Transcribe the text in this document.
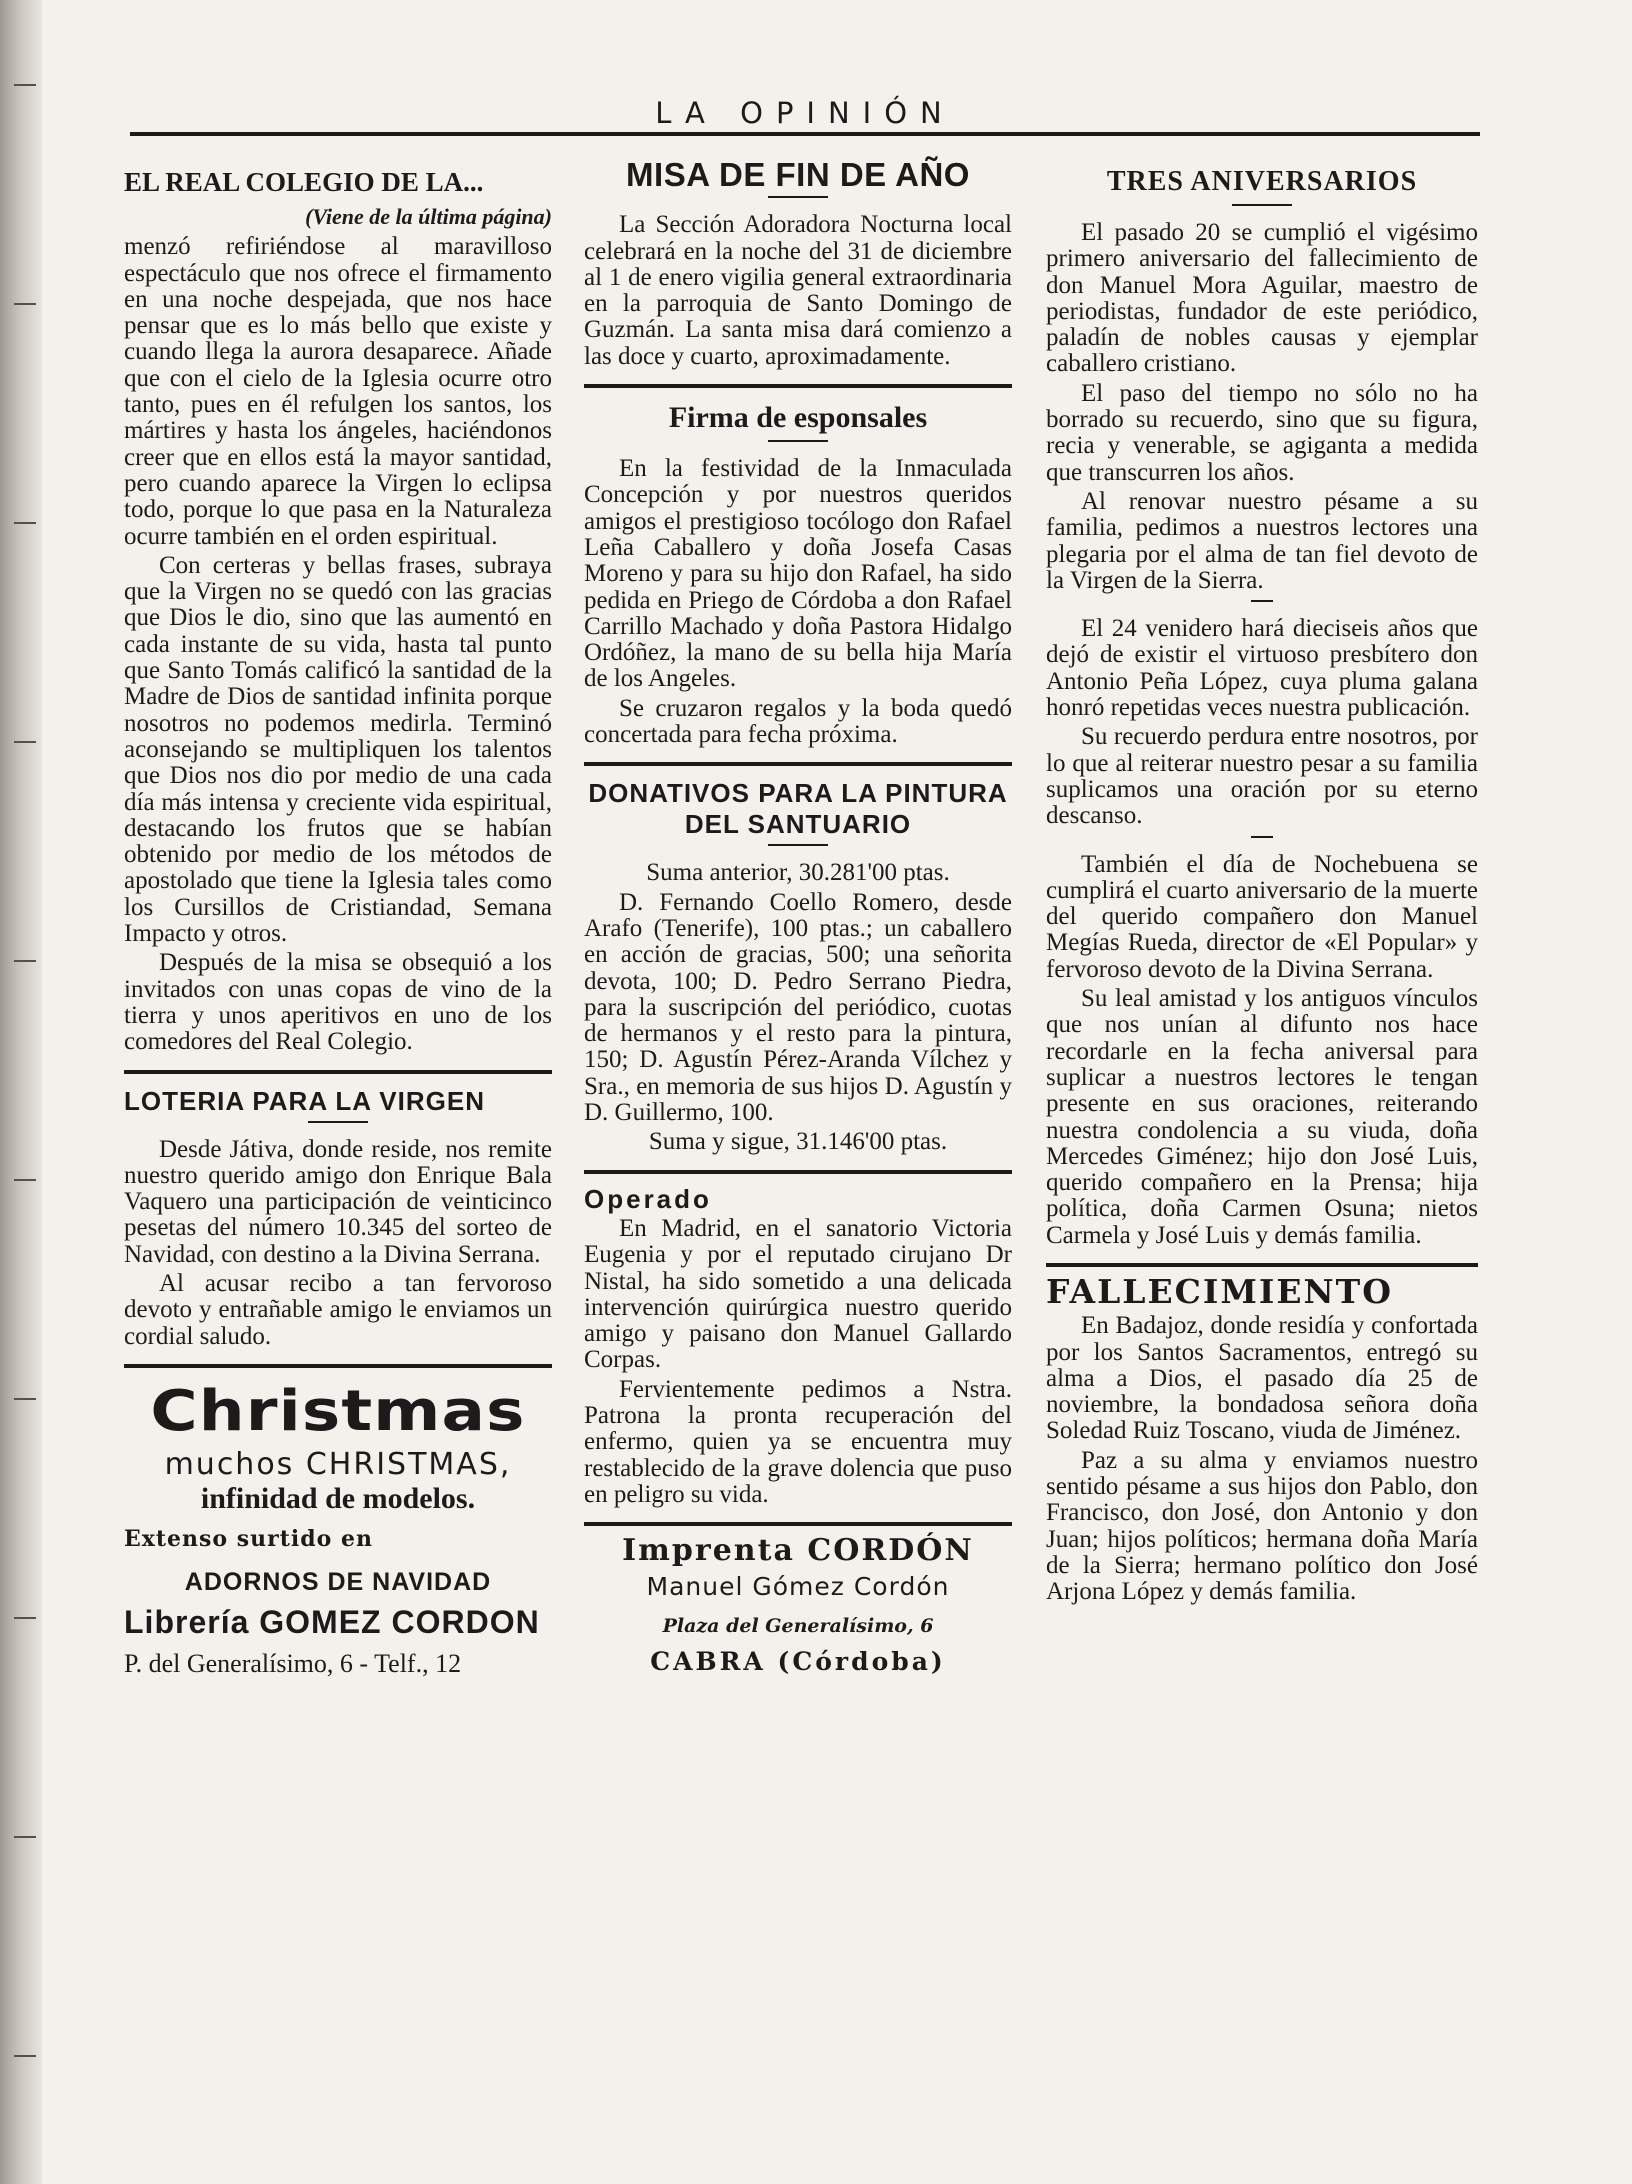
LA OPINIÓN
EL REAL COLEGIO DE LA...
(Viene de la última página)

menzó refiriéndose al maravilloso espectáculo que nos ofrece el firmamento en una noche despejada, que nos hace pensar que es lo más bello que existe y cuando llega la aurora desaparece. Añade que con el cielo de la Iglesia ocurre otro tanto, pues en él refulgen los santos, los mártires y hasta los ángeles, haciéndonos creer que en ellos está la mayor santidad, pero cuando aparece la Virgen lo eclipsa todo, porque lo que pasa en la Naturaleza ocurre también en el orden espiritual.

Con certeras y bellas frases, subraya que la Virgen no se quedó con las gracias que Dios le dio, sino que las aumentó en cada instante de su vida, hasta tal punto que Santo Tomás calificó la santidad de la Madre de Dios de santidad infinita porque nosotros no podemos medirla. Terminó aconsejando se multipliquen los talentos que Dios nos dio por medio de una cada día más intensa y creciente vida espiritual, destacando los frutos que se habían obtenido por medio de los métodos de apostolado que tiene la Iglesia tales como los Cursillos de Cristiandad, Semana Impacto y otros.

Después de la misa se obsequió a los invitados con unas copas de vino de la tierra y unos aperitivos en uno de los comedores del Real Colegio.

LOTERIA PARA LA VIRGEN

Desde Játiva, donde reside, nos remite nuestro querido amigo don Enrique Bala Vaquero una participación de veinticinco pesetas del número 10.345 del sorteo de Navidad, con destino a la Divina Serrana.

Al acusar recibo a tan fervoroso devoto y entrañable amigo le enviamos un cordial saludo.

Christmas
muchos CHRISTMAS,
infinidad de modelos.
Extenso surtido en
ADORNOS DE NAVIDAD
Librería GOMEZ CORDON
P. del Generalísimo, 6 - Telf., 12
MISA DE FIN DE AÑO

La Sección Adoradora Nocturna local celebrará en la noche del 31 de diciembre al 1 de enero vigilia general extraordinaria en la parroquia de Santo Domingo de Guzmán. La santa misa dará comienzo a las doce y cuarto, aproximadamente.

Firma de esponsales

En la festividad de la Inmaculada Concepción y por nuestros queridos amigos el prestigioso tocólogo don Rafael Leña Caballero y doña Josefa Casas Moreno y para su hijo don Rafael, ha sido pedida en Priego de Córdoba a don Rafael Carrillo Machado y doña Pastora Hidalgo Ordóñez, la mano de su bella hija María de los Angeles.

Se cruzaron regalos y la boda quedó concertada para fecha próxima.

DONATIVOS PARA LA PINTURA DEL SANTUARIO

Suma anterior, 30.281'00 ptas.

D. Fernando Coello Romero, desde Arafo (Tenerife), 100 ptas.; un caballero en acción de gracias, 500; una señorita devota, 100; D. Pedro Serrano Piedra, para la suscripción del periódico, cuotas de hermanos y el resto para la pintura, 150; D. Agustín Pérez-Aranda Vílchez y Sra., en memoria de sus hijos D. Agustín y D. Guillermo, 100.

Suma y sigue, 31.146'00 ptas.

Operado

En Madrid, en el sanatorio Victoria Eugenia y por el reputado cirujano Dr Nistal, ha sido sometido a una delicada intervención quirúrgica nuestro querido amigo y paisano don Manuel Gallardo Corpas.

Fervientemente pedimos a Nstra. Patrona la pronta recuperación del enfermo, quien ya se encuentra muy restablecido de la grave dolencia que puso en peligro su vida.

Imprenta CORDÓN
Manuel Gómez Cordón
Plaza del Generalísimo, 6
CABRA (Córdoba)
TRES ANIVERSARIOS

El pasado 20 se cumplió el vigésimo primero aniversario del fallecimiento de don Manuel Mora Aguilar, maestro de periodistas, fundador de este periódico, paladín de nobles causas y ejemplar caballero cristiano.

El paso del tiempo no sólo no ha borrado su recuerdo, sino que su figura, recia y venerable, se agiganta a medida que transcurren los años.

Al renovar nuestro pésame a su familia, pedimos a nuestros lectores una plegaria por el alma de tan fiel devoto de la Virgen de la Sierra.

El 24 venidero hará dieciseis años que dejó de existir el virtuoso presbítero don Antonio Peña López, cuya pluma galana honró repetidas veces nuestra publicación.

Su recuerdo perdura entre nosotros, por lo que al reiterar nuestro pesar a su familia suplicamos una oración por su eterno descanso.

También el día de Nochebuena se cumplirá el cuarto aniversario de la muerte del querido compañero don Manuel Megías Rueda, director de «El Popular» y fervoroso devoto de la Divina Serrana.

Su leal amistad y los antiguos vínculos que nos unían al difunto nos hace recordarle en la fecha aniversal para suplicar a nuestros lectores le tengan presente en sus oraciones, reiterando nuestra condolencia a su viuda, doña Mercedes Giménez; hijo don José Luis, querido compañero en la Prensa; hija política, doña Carmen Osuna; nietos Carmela y José Luis y demás familia.

FALLECIMIENTO

En Badajoz, donde residía y confortada por los Santos Sacramentos, entregó su alma a Dios, el pasado día 25 de noviembre, la bondadosa señora doña Soledad Ruiz Toscano, viuda de Jiménez.

Paz a su alma y enviamos nuestro sentido pésame a sus hijos don Pablo, don Francisco, don José, don Antonio y don Juan; hijos políticos; hermana doña María de la Sierra; hermano político don José Arjona López y demás familia.
